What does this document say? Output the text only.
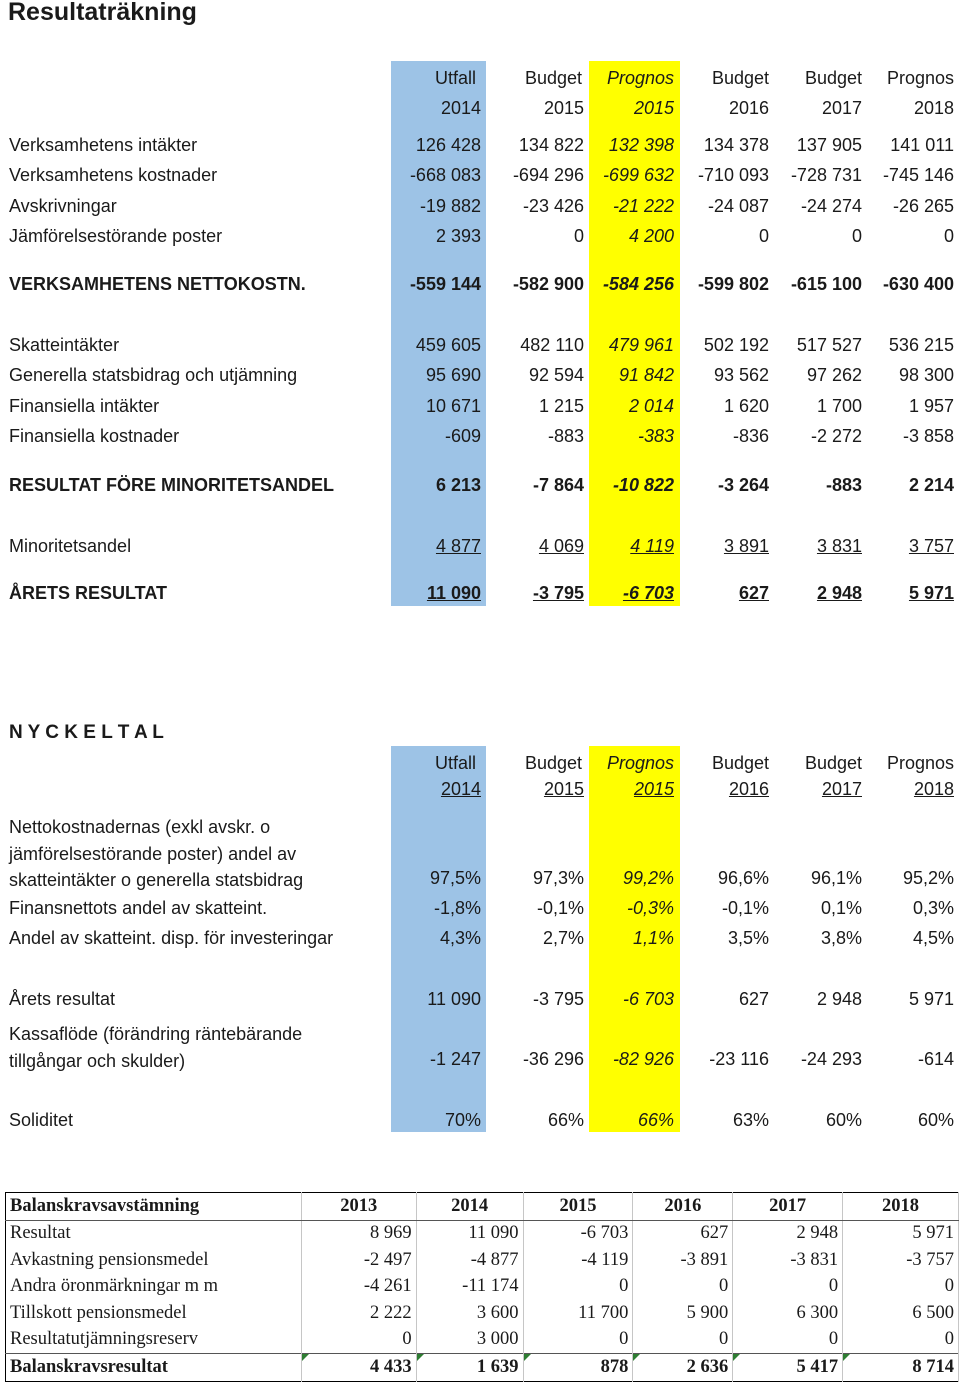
Resultaträkning
Utfall	Budget	Prognos	Budget	Budget	Prognos
2014	2015	2015	2016	2017	2018
Verksamhetens intäkter	126 428	134 822	132 398	134 378	137 905	141 011
Verksamhetens kostnader	-668 083	-694 296	-699 632	-710 093	-728 731	-745 146
Avskrivningar	-19 882	-23 426	-21 222	-24 087	-24 274	-26 265
Jämförelsestörande poster	2 393	0	4 200	0	0	0
VERKSAMHETENS NETTOKOSTN.	-559 144	-582 900	-584 256	-599 802	-615 100	-630 400
Skatteintäkter	459 605	482 110	479 961	502 192	517 527	536 215
Generella statsbidrag och utjämning	95 690	92 594	91 842	93 562	97 262	98 300
Finansiella intäkter	10 671	1 215	2 014	1 620	1 700	1 957
Finansiella kostnader	-609	-883	-383	-836	-2 272	-3 858
RESULTAT FÖRE MINORITETSANDEL	6 213	-7 864	-10 822	-3 264	-883	2 214
Minoritetsandel	4 877	4 069	4 119	3 891	3 831	3 757
ÅRETS RESULTAT	11 090	-3 795	-6 703	627	2 948	5 971
N Y C K E L T A L
Utfall	Budget	Prognos	Budget	Budget	Prognos
2014	2015	2015	2016	2017	2018
Nettokostnadernas (exkl avskr. o jämförelsestörande poster) andel av skatteintäkter o generella statsbidrag	97,5%	97,3%	99,2%	96,6%	96,1%	95,2%
Finansnettots andel av skatteint.	-1,8%	-0,1%	-0,3%	-0,1%	0,1%	0,3%
Andel av skatteint. disp. för investeringar	4,3%	2,7%	1,1%	3,5%	3,8%	4,5%
Årets resultat	11 090	-3 795	-6 703	627	2 948	5 971
Kassaflöde (förändring räntebärande tillgångar och skulder)	-1 247	-36 296	-82 926	-23 116	-24 293	-614
Soliditet	70%	66%	66%	63%	60%	60%
Balanskravsavstämning	2013	2014	2015	2016	2017	2018
Resultat	8 969	11 090	-6 703	627	2 948	5 971
Avkastning pensionsmedel	-2 497	-4 877	-4 119	-3 891	-3 831	-3 757
Andra öronmärkningar m m	-4 261	-11 174	0	0	0	0
Tillskott pensionsmedel	2 222	3 600	11 700	5 900	6 300	6 500
Resultatutjämningsreserv	0	3 000	0	0	0	0
Balanskravsresultat	4 433	1 639	878	2 636	5 417	8 714
